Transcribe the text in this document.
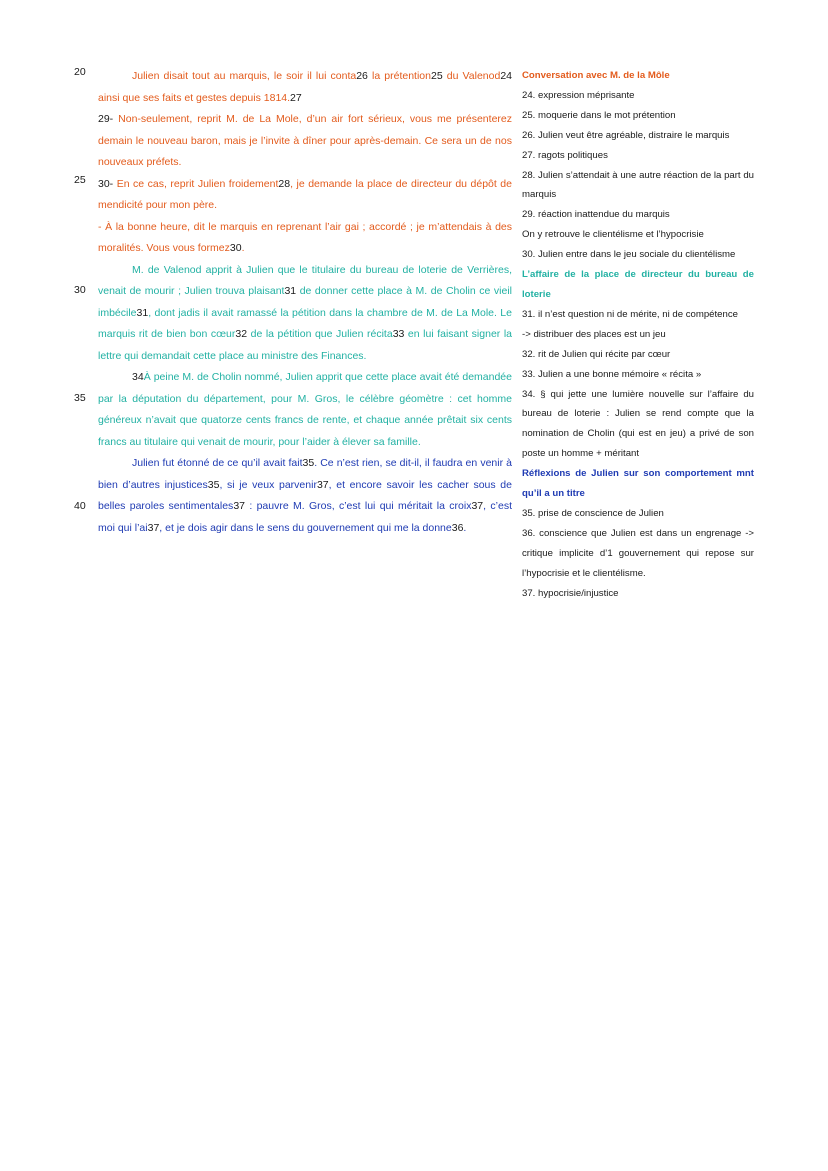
20
25
30
35
40

Julien disait tout au marquis, le soir il lui conta26 la prétention25 du Valenod24 ainsi que ses faits et gestes depuis 1814.27

29- Non-seulement, reprit M. de La Mole, d’un air fort sérieux, vous me présenterez demain le nouveau baron, mais je l’invite à dîner pour après-demain. Ce sera un de nos nouveaux préfets.

30- En ce cas, reprit Julien froidement28, je demande la place de directeur du dépôt de mendicité pour mon père.

- À la bonne heure, dit le marquis en reprenant l’air gai ; accordé ; je m’attendais à des moralités. Vous vous formez30.

M. de Valenod apprit à Julien que le titulaire du bureau de loterie de Verrières, venait de mourir ; Julien trouva plaisant31 de donner cette place à M. de Cholin ce vieil imbécile31, dont jadis il avait ramassé la pétition dans la chambre de M. de La Mole. Le marquis rit de bien bon cœur32 de la pétition que Julien récita33 en lui faisant signer la lettre qui demandait cette place au ministre des Finances.

34À peine M. de Cholin nommé, Julien apprit que cette place avait été demandée par la députation du département, pour M. Gros, le célèbre géomètre : cet homme généreux n’avait que quatorze cents francs de rente, et chaque année prêtait six cents francs au titulaire qui venait de mourir, pour l’aider à élever sa famille.

Julien fut étonné de ce qu’il avait fait35. Ce n’est rien, se dit-il, il faudra en venir à bien d’autres injustices35, si je veux parvenir37, et encore savoir les cacher sous de belles paroles sentimentales37 : pauvre M. Gros, c’est lui qui méritait la croix37, c’est moi qui l’ai37, et je dois agir dans le sens du gouvernement qui me la donne36.

Conversation avec M. de la Môle

24. expression méprisante

25. moquerie dans le mot prétention

26. Julien veut être agréable, distraire le marquis

27. ragots politiques

28. Julien s’attendait à une autre réaction de la part du marquis

29. réaction inattendue du marquis

On y retrouve le clientélisme et l’hypocrisie

30. Julien entre dans le jeu sociale du clientélisme

L’affaire de la place de directeur du bureau de loterie

31. il n’est question ni de mérite, ni de compétence

-> distribuer des places est un jeu

32. rit de Julien qui récite par cœur

33. Julien a une bonne mémoire « récita »

34. § qui jette une lumière nouvelle sur l’affaire du bureau de loterie : Julien se rend compte que la nomination de Cholin (qui est en jeu) a privé de son poste un homme + méritant

Réflexions de Julien sur son comportement mnt qu’il a un titre

35. prise de conscience de Julien

36. conscience que Julien est dans un engrenage -> critique implicite d’1 gouvernement qui repose sur l’hypocrisie et le clientélisme.

37. hypocrisie/injustice
